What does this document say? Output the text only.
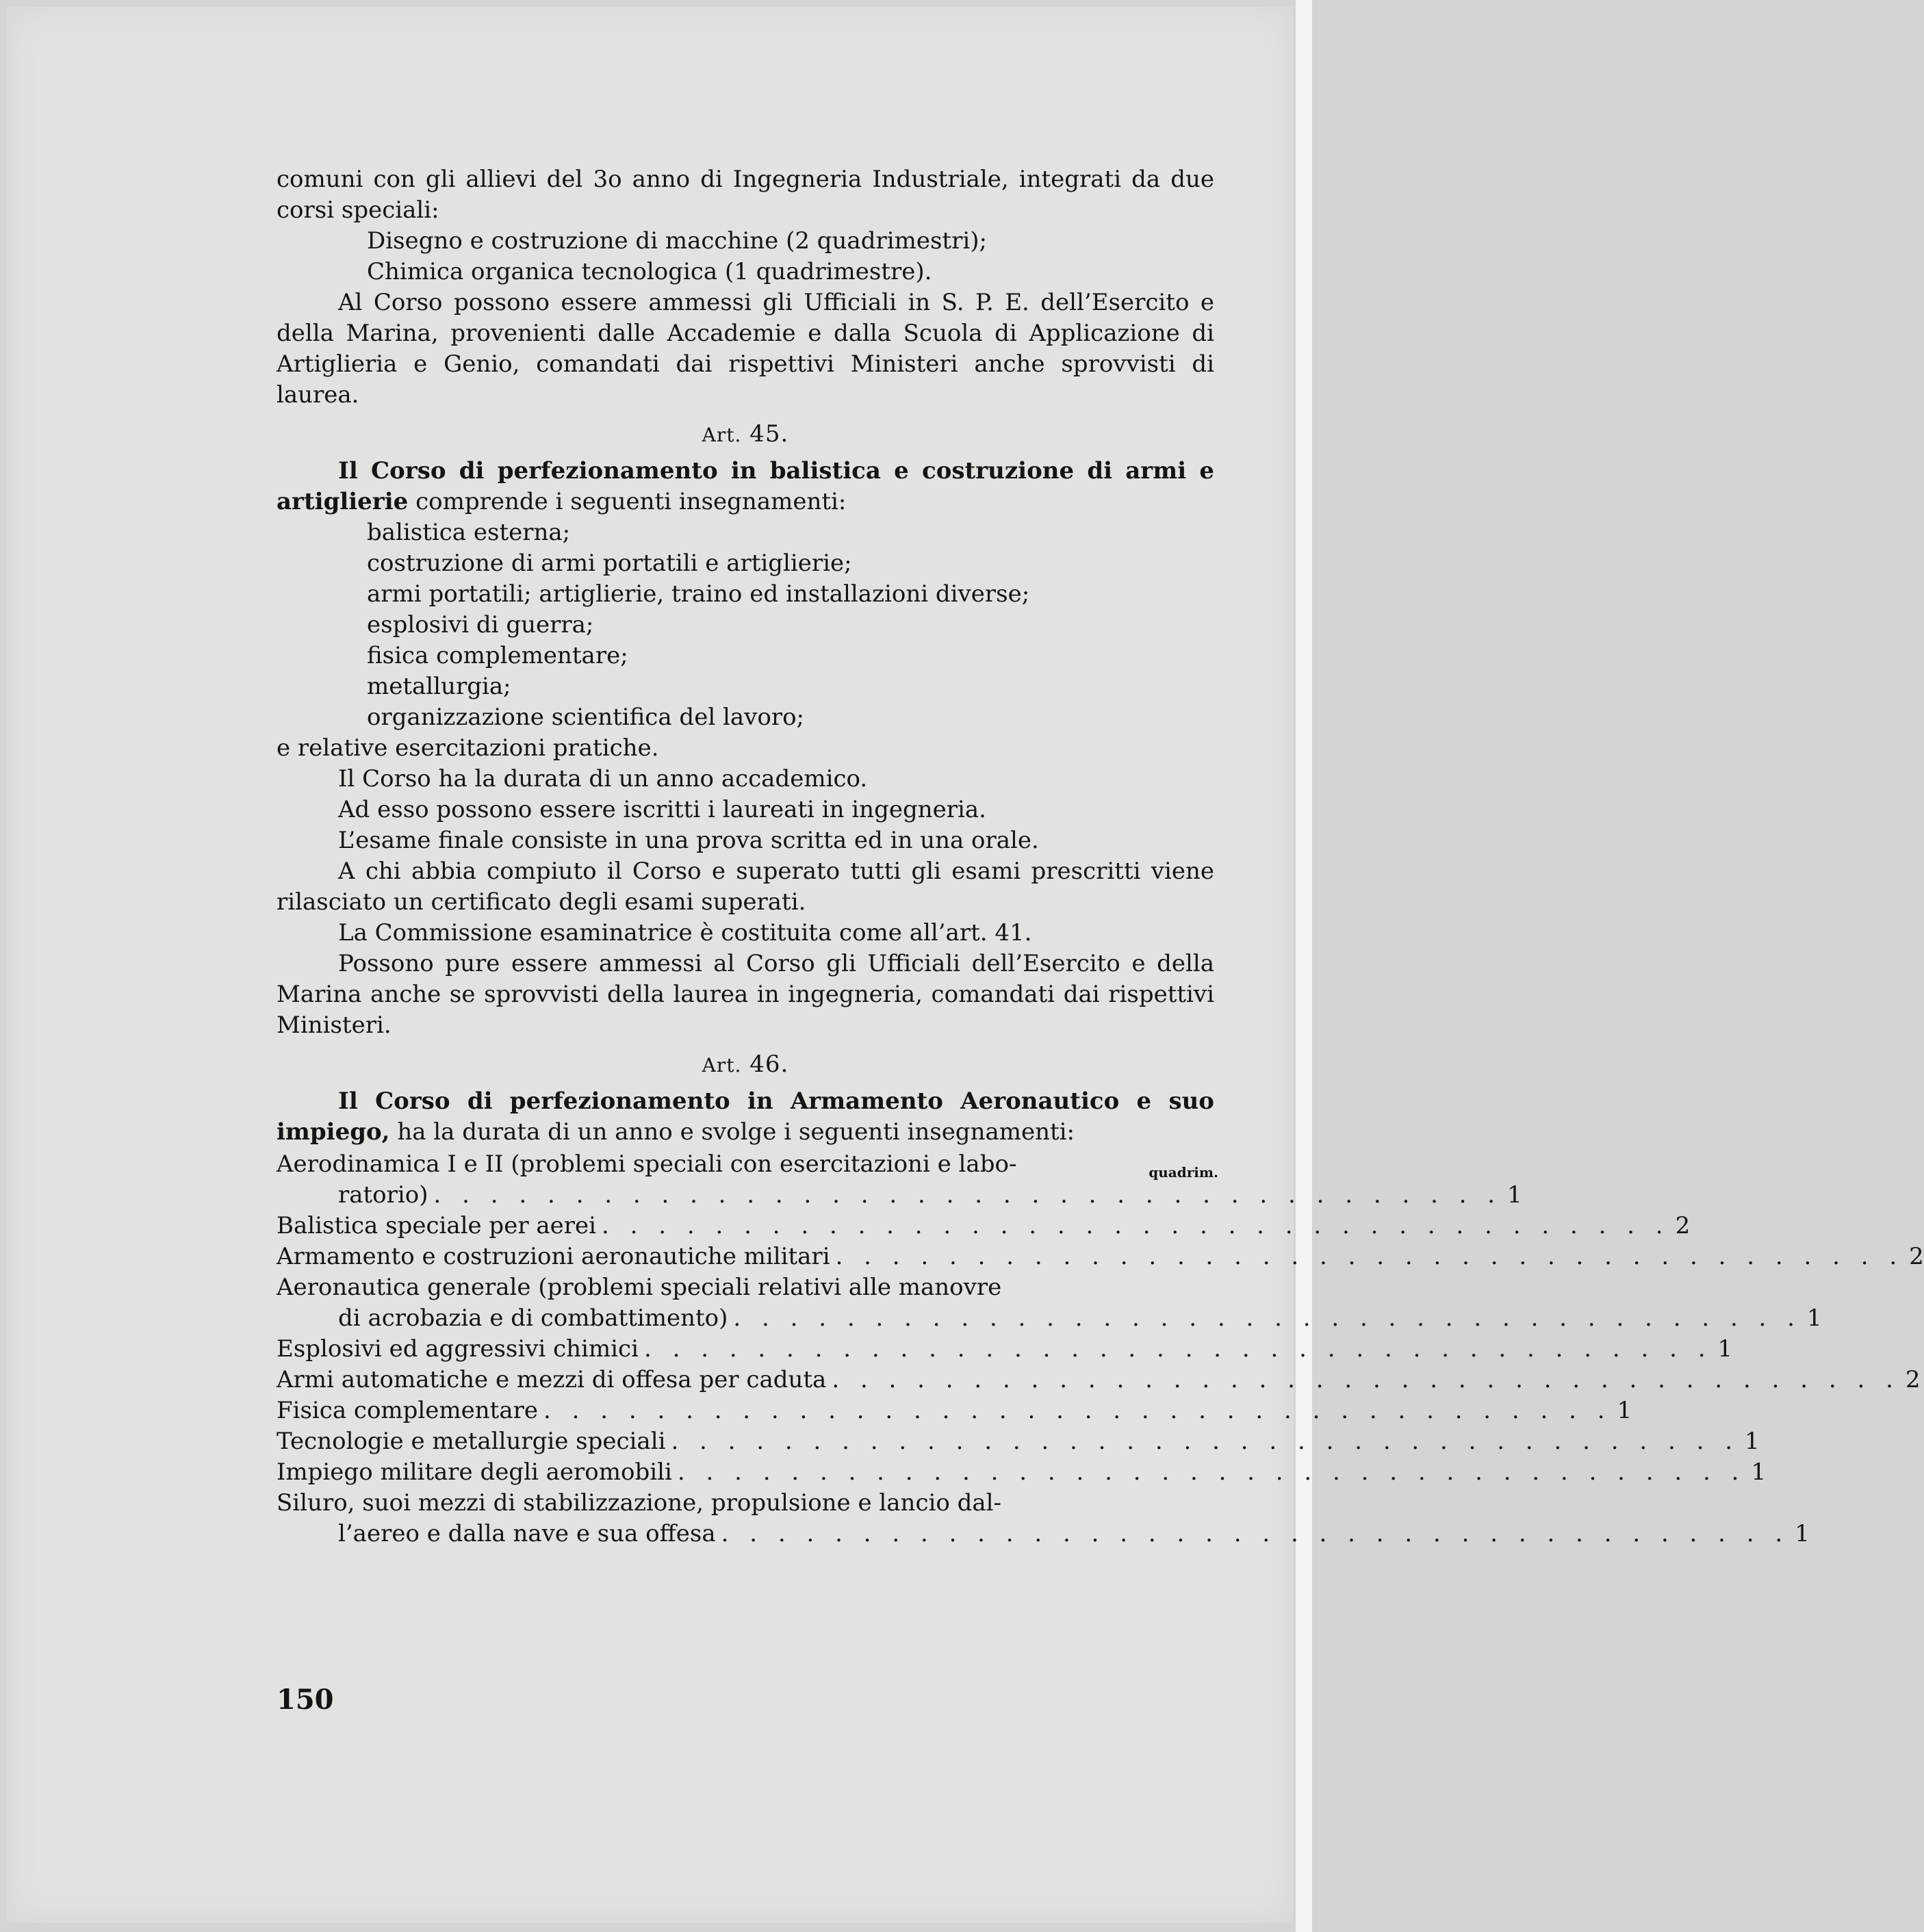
comuni con gli allievi del 3o anno di Ingegneria Industriale, integrati da due corsi speciali:

Disegno e costruzione di macchine (2 quadrimestri);
Chimica organica tecnologica (1 quadrimestre).

Al Corso possono essere ammessi gli Ufficiali in S. P. E. dell’Esercito e della Marina, provenienti dalle Accademie e dalla Scuola di Applicazione di Artiglieria e Genio, comandati dai rispettivi Ministeri anche sprovvisti di laurea.

Art. 45.

Il Corso di perfezionamento in balistica e costruzione di armi e artiglierie comprende i seguenti insegnamenti:

balistica esterna;
costruzione di armi portatili e artiglierie;
armi portatili; artiglierie, traino ed installazioni diverse;
esplosivi di guerra;
fisica complementare;
metallurgia;
organizzazione scientifica del lavoro;

e relative esercitazioni pratiche.

Il Corso ha la durata di un anno accademico.

Ad esso possono essere iscritti i laureati in ingegneria.

L’esame finale consiste in una prova scritta ed in una orale.

A chi abbia compiuto il Corso e superato tutti gli esami prescritti viene rilasciato un certificato degli esami superati.

La Commissione esaminatrice è costituita come all’art. 41.

Possono pure essere ammessi al Corso gli Ufficiali dell’Esercito e della Marina anche se sprovvisti della laurea in ingegneria, comandati dai rispettivi Ministeri.

Art. 46.

Il Corso di perfezionamento in Armamento Aeronautico e suo impiego, ha la durata di un anno e svolge i seguenti insegnamenti:

quadrim.
Aerodinamica I e II (problemi speciali con esercitazioni e labo-
ratorio) . . . . . . . . . . . . . . . . . . . . . . . . . . . . . . . . . . . . . . 1
Balistica speciale per aerei . . . . . . . . . . . . . . . . . . . . . . . . . . . . . . . . . . . . . . 2
Armamento e costruzioni aeronautiche militari . . . . . . . . . . . . . . . . . . . . . . . . . . . . . . . . . . . . . . 2
Aeronautica generale (problemi speciali relativi alle manovre
di acrobazia e di combattimento) . . . . . . . . . . . . . . . . . . . . . . . . . . . . . . . . . . . . . . 1
Esplosivi ed aggressivi chimici . . . . . . . . . . . . . . . . . . . . . . . . . . . . . . . . . . . . . . 1
Armi automatiche e mezzi di offesa per caduta . . . . . . . . . . . . . . . . . . . . . . . . . . . . . . . . . . . . . . 2
Fisica complementare . . . . . . . . . . . . . . . . . . . . . . . . . . . . . . . . . . . . . . 1
Tecnologie e metallurgie speciali . . . . . . . . . . . . . . . . . . . . . . . . . . . . . . . . . . . . . . 1
Impiego militare degli aeromobili . . . . . . . . . . . . . . . . . . . . . . . . . . . . . . . . . . . . . . 1
Siluro, suoi mezzi di stabilizzazione, propulsione e lancio dal-
l’aereo e dalla nave e sua offesa . . . . . . . . . . . . . . . . . . . . . . . . . . . . . . . . . . . . . . 1
150
